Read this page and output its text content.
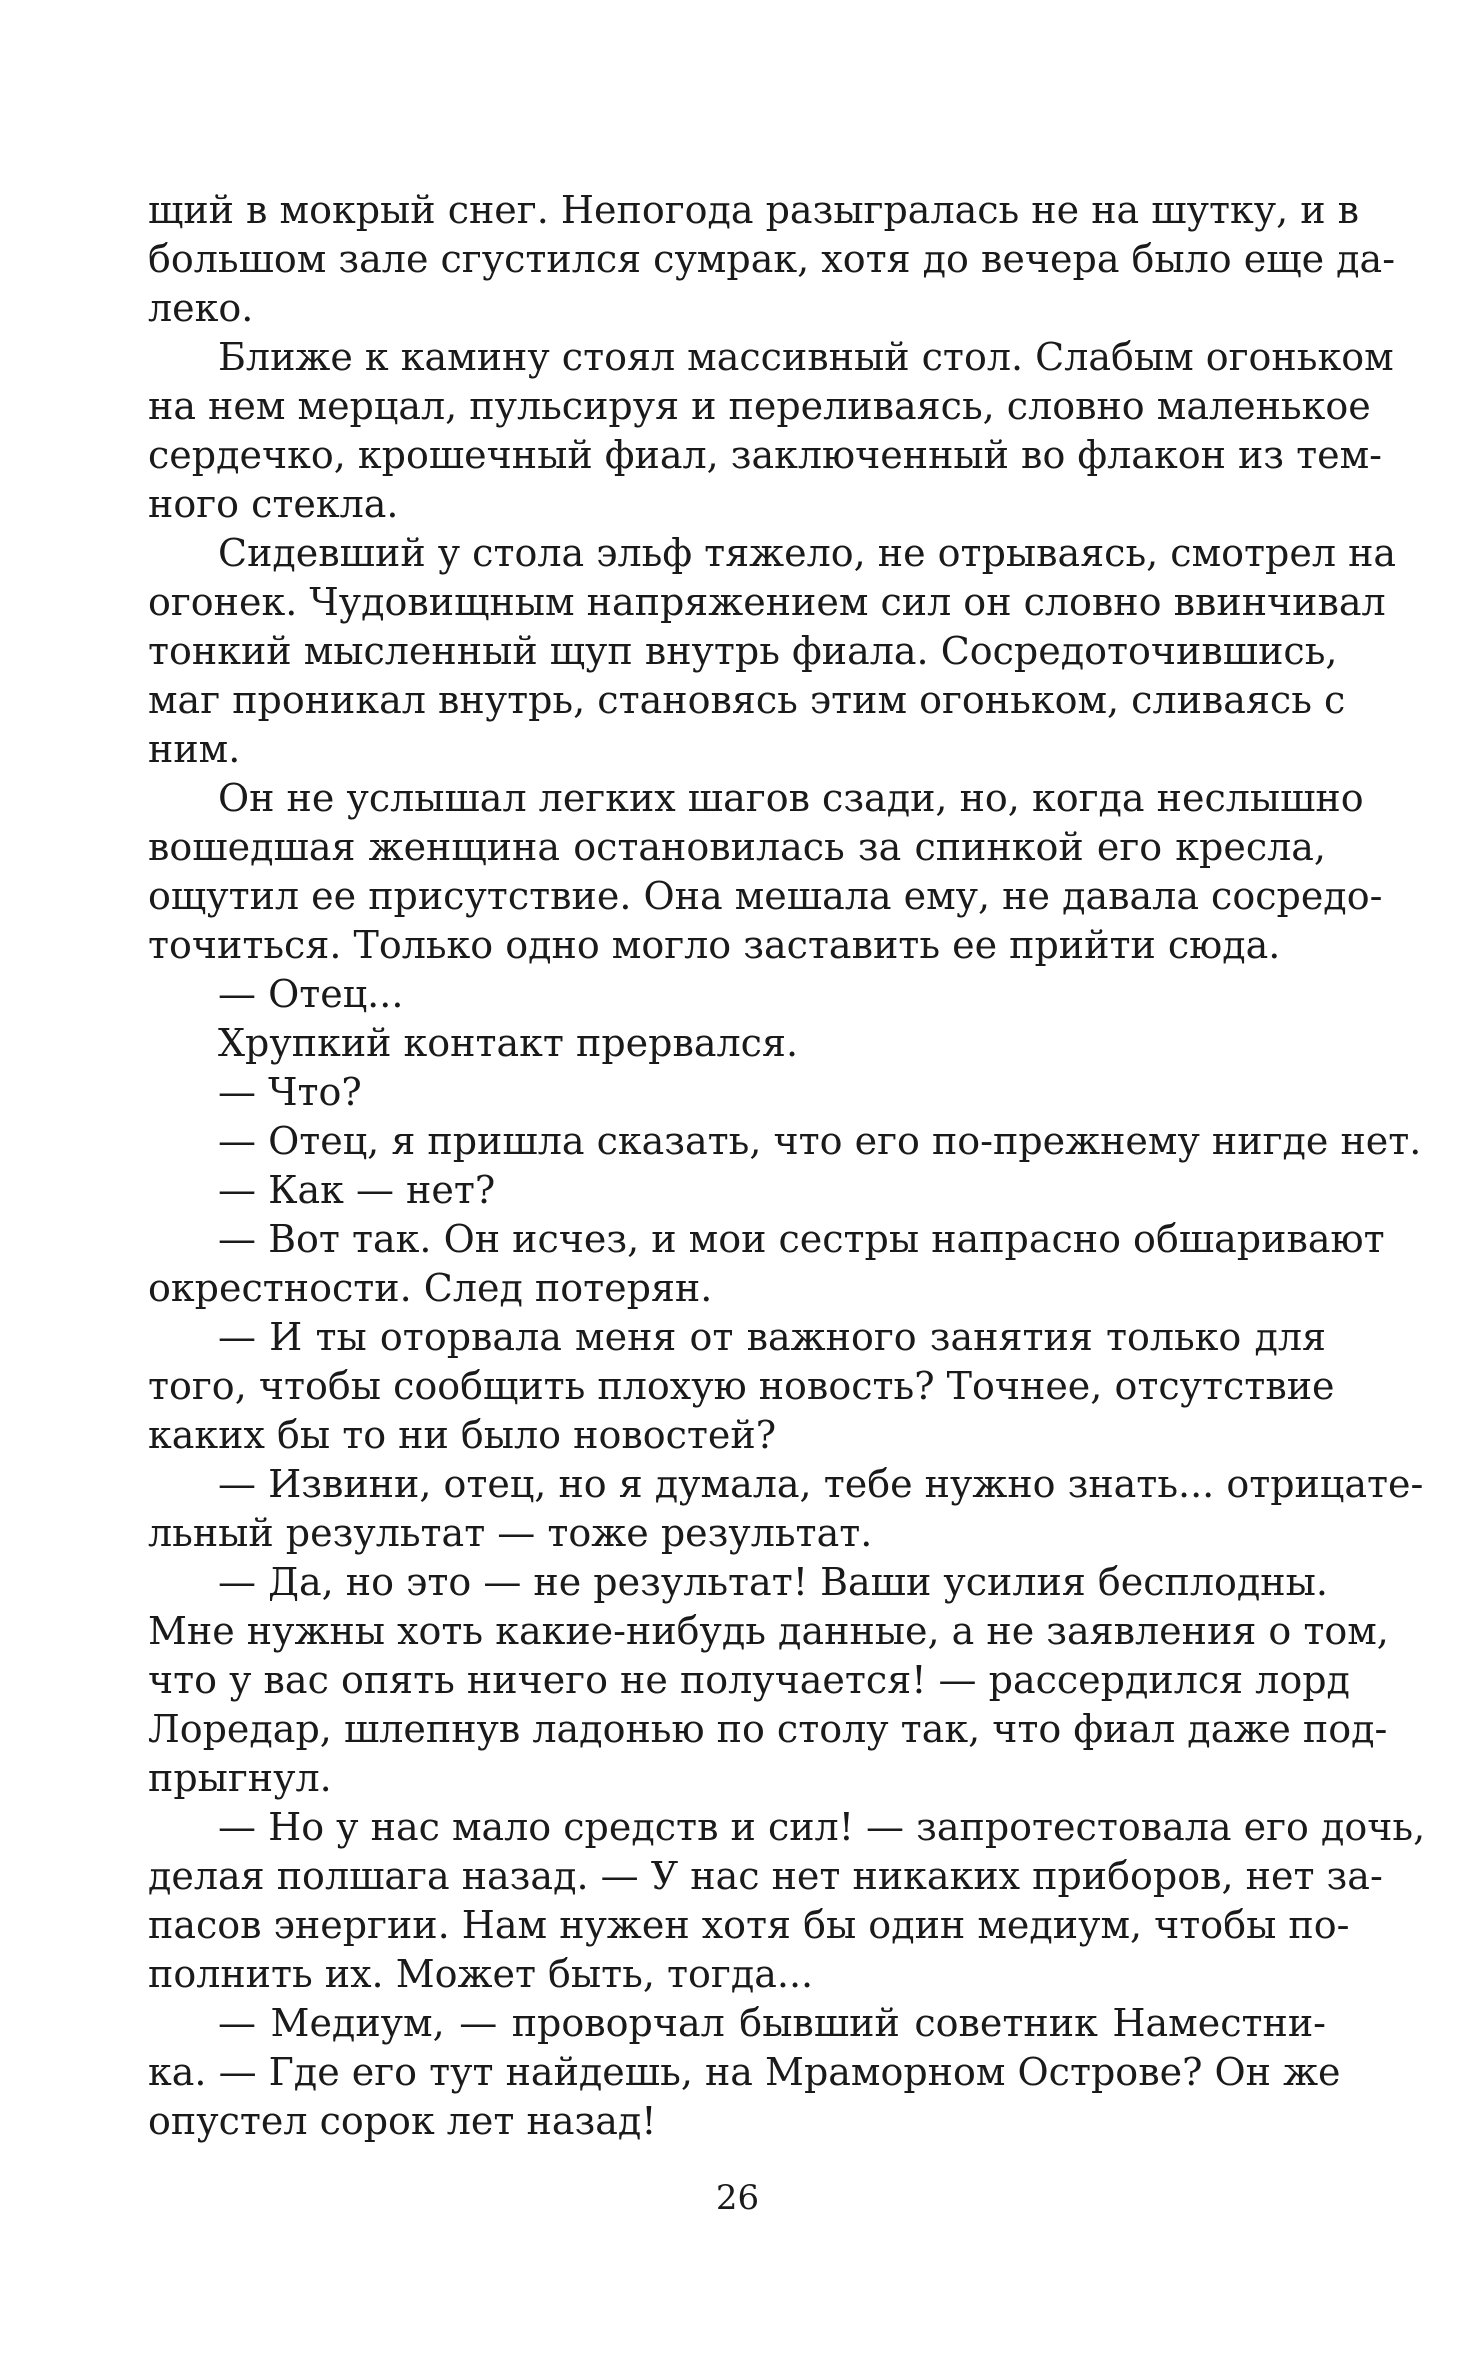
щий в мокрый снег. Непогода разыгралась не на шутку, и в
большом зале сгустился сумрак, хотя до вечера было еще да-
леко.
Ближе к камину стоял массивный стол. Слабым огоньком
на нем мерцал, пульсируя и переливаясь, словно маленькое
сердечко, крошечный фиал, заключенный во флакон из тем-
ного стекла.
Сидевший у стола эльф тяжело, не отрываясь, смотрел на
огонек. Чудовищным напряжением сил он словно ввинчивал
тонкий мысленный щуп внутрь фиала. Сосредоточившись,
маг проникал внутрь, становясь этим огоньком, сливаясь с
ним.
Он не услышал легких шагов сзади, но, когда неслышно
вошедшая женщина остановилась за спинкой его кресла,
ощутил ее присутствие. Она мешала ему, не давала сосредо-
точиться. Только одно могло заставить ее прийти сюда.
— Отец...
Хрупкий контакт прервался.
— Что?
— Отец, я пришла сказать, что его по-прежнему нигде нет.
— Как — нет?
— Вот так. Он исчез, и мои сестры напрасно обшаривают
окрестности. След потерян.
— И ты оторвала меня от важного занятия только для
того, чтобы сообщить плохую новость? Точнее, отсутствие
каких бы то ни было новостей?
— Извини, отец, но я думала, тебе нужно знать... отрицате-
льный результат — тоже результат.
— Да, но это — не результат! Ваши усилия бесплодны.
Мне нужны хоть какие-нибудь данные, а не заявления о том,
что у вас опять ничего не получается! — рассердился лорд
Лоредар, шлепнув ладонью по столу так, что фиал даже под-
прыгнул.
— Но у нас мало средств и сил! — запротестовала его дочь,
делая полшага назад. — У нас нет никаких приборов, нет за-
пасов энергии. Нам нужен хотя бы один медиум, чтобы по-
полнить их. Может быть, тогда...
— Медиум, — проворчал бывший советник Наместни-
ка. — Где его тут найдешь, на Мраморном Острове? Он же
опустел сорок лет назад!
26
